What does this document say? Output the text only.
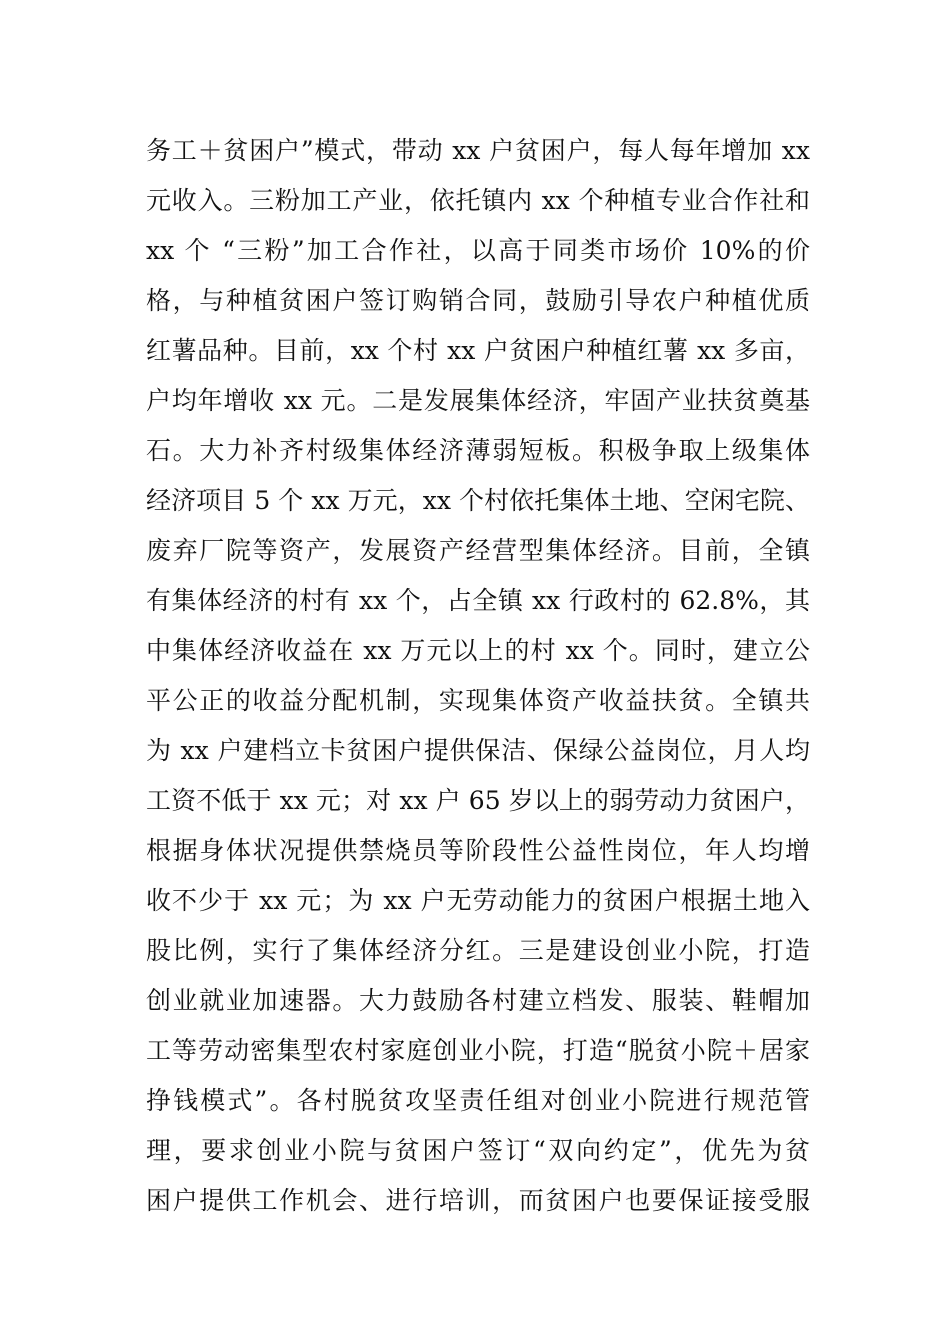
务工＋贫困户”模式，带动 xx 户贫困户，每人每年增加 xx
元收入。三粉加工产业，依托镇内 xx 个种植专业合作社和
xx 个 “三粉”加工合作社，以高于同类市场价 10%的价
格，与种植贫困户签订购销合同，鼓励引导农户种植优质
红薯品种。目前，xx 个村 xx 户贫困户种植红薯 xx 多亩，
户均年增收 xx 元。二是发展集体经济，牢固产业扶贫奠基
石。大力补齐村级集体经济薄弱短板。积极争取上级集体
经济项目 5 个 xx 万元，xx 个村依托集体土地、空闲宅院、
废弃厂院等资产，发展资产经营型集体经济。目前，全镇
有集体经济的村有 xx 个，占全镇 xx 行政村的 62.8%，其
中集体经济收益在 xx 万元以上的村 xx 个。同时，建立公
平公正的收益分配机制，实现集体资产收益扶贫。全镇共
为 xx 户建档立卡贫困户提供保洁、保绿公益岗位，月人均
工资不低于 xx 元；对 xx 户 65 岁以上的弱劳动力贫困户，
根据身体状况提供禁烧员等阶段性公益性岗位，年人均增
收不少于 xx 元；为 xx 户无劳动能力的贫困户根据土地入
股比例，实行了集体经济分红。三是建设创业小院，打造
创业就业加速器。大力鼓励各村建立档发、服装、鞋帽加
工等劳动密集型农村家庭创业小院，打造“脱贫小院＋居家
挣钱模式”。各村脱贫攻坚责任组对创业小院进行规范管
理，要求创业小院与贫困户签订“双向约定”，优先为贫
困户提供工作机会、进行培训，而贫困户也要保证接受服
